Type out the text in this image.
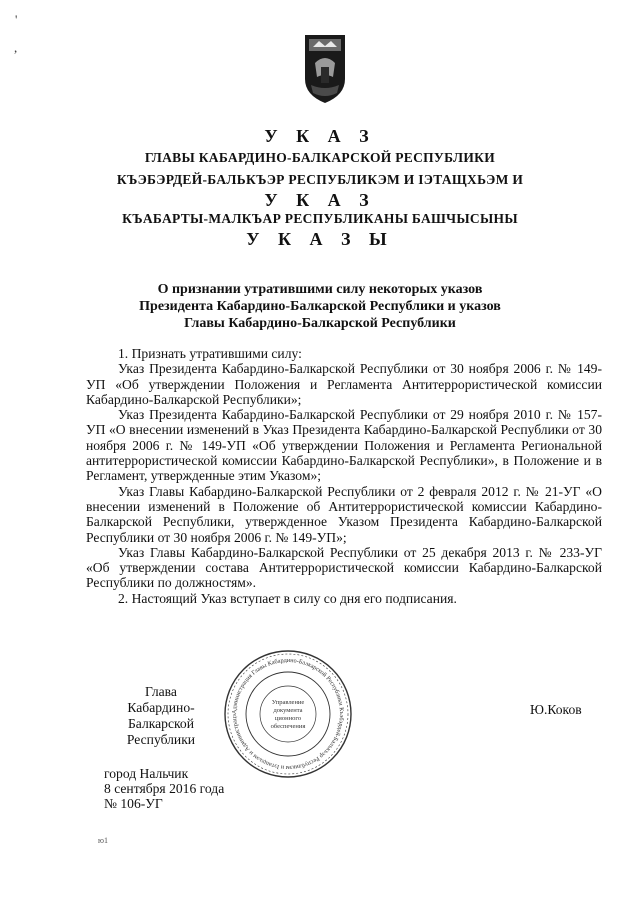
'
,
У К А З
ГЛАВЫ КАБАРДИНО-БАЛКАРСКОЙ РЕСПУБЛИКИ
КЪЭБЭРДЕЙ-БАЛЬКЪЭР РЕСПУБЛИКЭМ И IЭТАЩХЬЭМ И
У К А З
КЪАБАРТЫ-МАЛКЪАР РЕСПУБЛИКАНЫ БАШЧЫСЫНЫ
У К А З Ы
О признании утратившими силу некоторых указов
Президента Кабардино-Балкарской Республики и указов
Главы Кабардино-Балкарской Республики

1. Признать утратившими силу:

Указ Президента Кабардино-Балкарской Республики от 30 ноября 2006 г. № 149-УП «Об утверждении Положения и Регламента Антитеррористической комиссии Кабардино-Балкарской Республики»;

Указ Президента Кабардино-Балкарской Республики от 29 ноября 2010 г. № 157-УП «О внесении изменений в Указ Президента Кабардино-Балкарской Республики от 30 ноября 2006 г. № 149-УП «Об утверждении Положения и Регламента Региональной антитеррористической комиссии Кабардино-Балкарской Республики», в Положение и в Регламент, утвержденные этим Указом»;

Указ Главы Кабардино-Балкарской Республики от 2 февраля 2012 г. № 21-УГ «О внесении изменений в Положение об Антитеррористической комиссии Кабардино-Балкарской Республики, утвержденное Указом Президента Кабардино-Балкарской Республики от 30 ноября 2006 г. № 149-УП»;

Указ Главы Кабардино-Балкарской Республики от 25 декабря 2013 г. № 233-УГ «Об утверждении состава Антитеррористической комиссии Кабардино-Балкарской Республики по должностям».

2. Настоящий Указ вступает в силу со дня его подписания.

Администрация Главы Кабардино-Балкарской Республики Къэбэрдей-Балъкъэр Республикэм и Iэтащхьэм и Администрацэ
Управление
документа
ционного
обеспечения
Глава
Кабардино-Балкарской
Республики
Ю.Коков
город Нальчик
8 сентября 2016 года
№ 106-УГ
ю1
